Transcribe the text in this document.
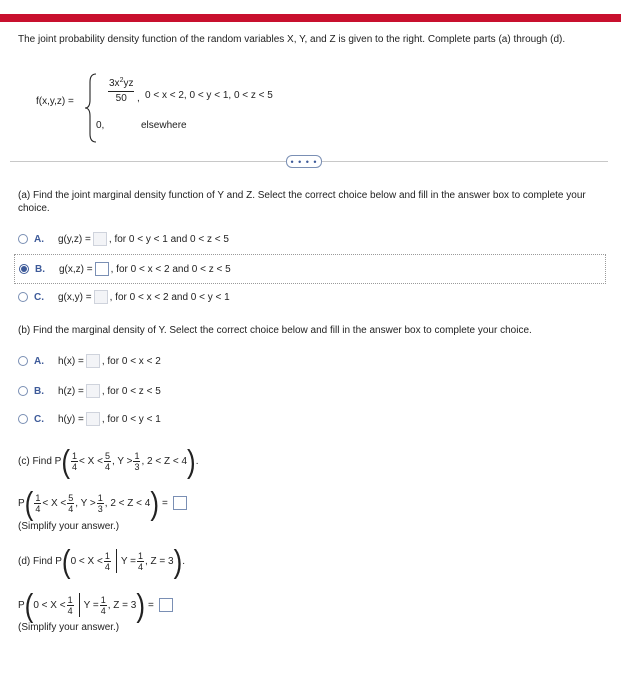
The joint probability density function of the random variables X, Y, and Z is given to the right. Complete parts (a) through (d).
f(x,y,z) =	$\frac{3x^2yz}{50}$ , 0 < x < 2, 0 < y < 1, 0 < z < 5
0,	elsewhere
• • • •
(a) Find the joint marginal density function of Y and Z. Select the correct choice below and fill in the answer box to complete your choice.
A.	g(y,z) = , for 0 < y < 1 and 0 < z < 5
B.	g(x,z) = , for 0 < x < 2 and 0 < z < 5
C.	g(x,y) = , for 0 < x < 2 and 0 < y < 1
(b) Find the marginal density of Y. Select the correct choice below and fill in the answer box to complete your choice.
A.	h(x) = , for 0 < x < 2
B.	h(z) = , for 0 < z < 5
C.	h(y) = , for 0 < y < 1
(c) Find P ( 1
4 < X < 5
4 , Y > 1
3 , 2 < Z < 4 ) .
P ( 1
4 < X < 5
4 , Y > 1
3 , 2 < Z < 4 ) =
(Simplify your answer.)
(d) Find P ( 0 < X < 1
4 $Y = \frac{1}{4}$ , Z = 3 ) .
P ( 0 < X < 1
4 $Y = \frac{1}{4}$ , Z = 3 ) =
(Simplify your answer.)
